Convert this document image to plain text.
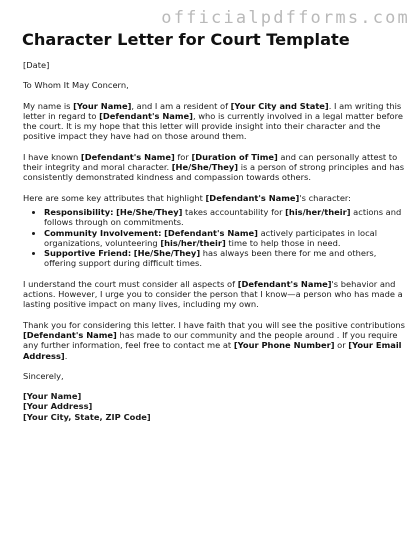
officialpdfforms.com
Character Letter for Court Template

[Date]

To Whom It May Concern,

My name is [Your Name], and I am a resident of [Your City and State]. I am writing this letter in regard to [Defendant's Name], who is currently involved in a legal matter before the court. It is my hope that this letter will provide insight into their character and the positive impact they have had on those around them.

I have known [Defendant's Name] for [Duration of Time] and can personally attest to their integrity and moral character. [He/She/They] is a person of strong principles and has consistently demonstrated kindness and compassion towards others.

Here are some key attributes that highlight [Defendant's Name]'s character:

• Responsibility: [He/She/They] takes accountability for [his/her/their] actions and follows through on commitments.
• Community Involvement: [Defendant's Name] actively participates in local organizations, volunteering [his/her/their] time to help those in need.
• Supportive Friend: [He/She/They] has always been there for me and others, offering support during difficult times.

I understand the court must consider all aspects of [Defendant's Name]'s behavior and actions. However, I urge you to consider the person that I know—a person who has made a lasting positive impact on many lives, including my own.

Thank you for considering this letter. I have faith that you will see the positive contributions [Defendant's Name] has made to our community and the people around . If you require any further information, feel free to contact me at [Your Phone Number] or [Your Email Address].

Sincerely,

[Your Name]
[Your Address]
[Your City, State, ZIP Code]
